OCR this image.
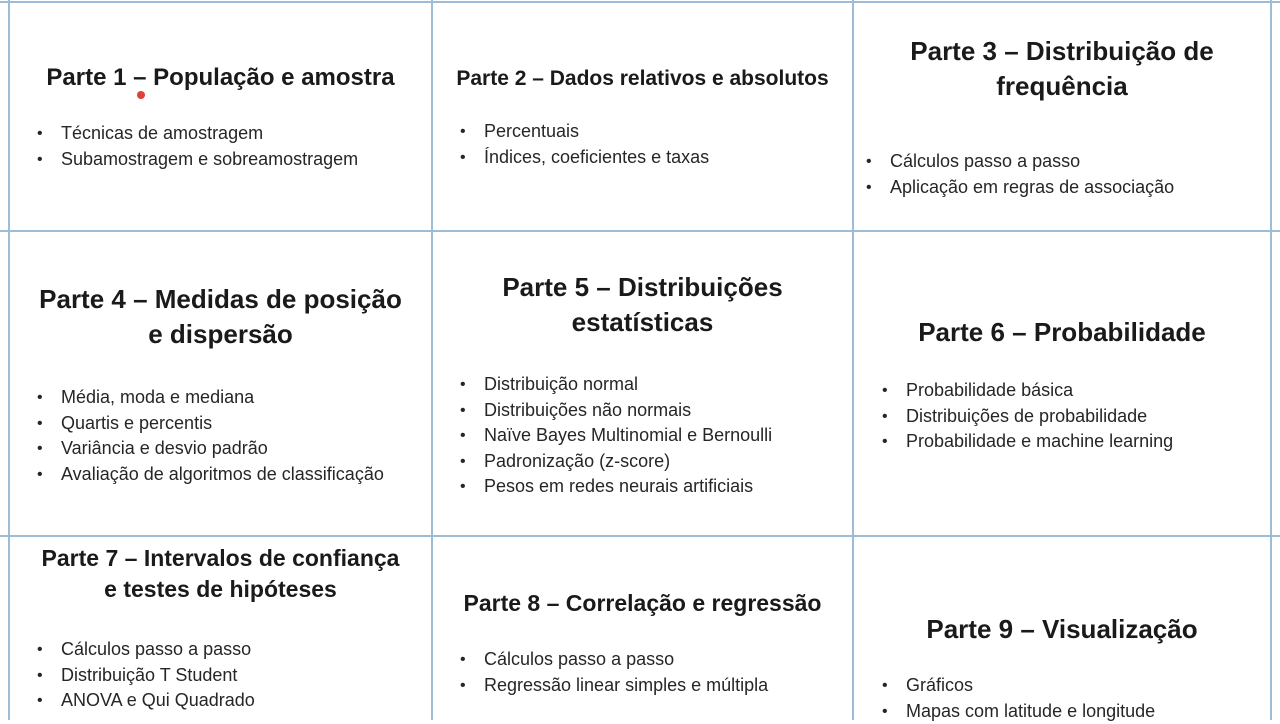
Parte 1 – População e amostra
• Técnicas de amostragem
• Subamostragem e sobreamostragem
Parte 2 – Dados relativos e absolutos
• Percentuais
• Índices, coeficientes e taxas
Parte 3 – Distribuição de
frequência
• Cálculos passo a passo
• Aplicação em regras de associação
Parte 4 – Medidas de posição
e dispersão
• Média, moda e mediana
• Quartis e percentis
• Variância e desvio padrão
• Avaliação de algoritmos de classificação
Parte 5 – Distribuições
estatísticas
• Distribuição normal
• Distribuições não normais
• Naïve Bayes Multinomial e Bernoulli
• Padronização (z-score)
• Pesos em redes neurais artificiais
Parte 6 – Probabilidade
• Probabilidade básica
• Distribuições de probabilidade
• Probabilidade e machine learning
Parte 7 – Intervalos de confiança
e testes de hipóteses
• Cálculos passo a passo
• Distribuição T Student
• ANOVA e Qui Quadrado
Parte 8 – Correlação e regressão
• Cálculos passo a passo
• Regressão linear simples e múltipla
Parte 9 – Visualização
• Gráficos
• Mapas com latitude e longitude
